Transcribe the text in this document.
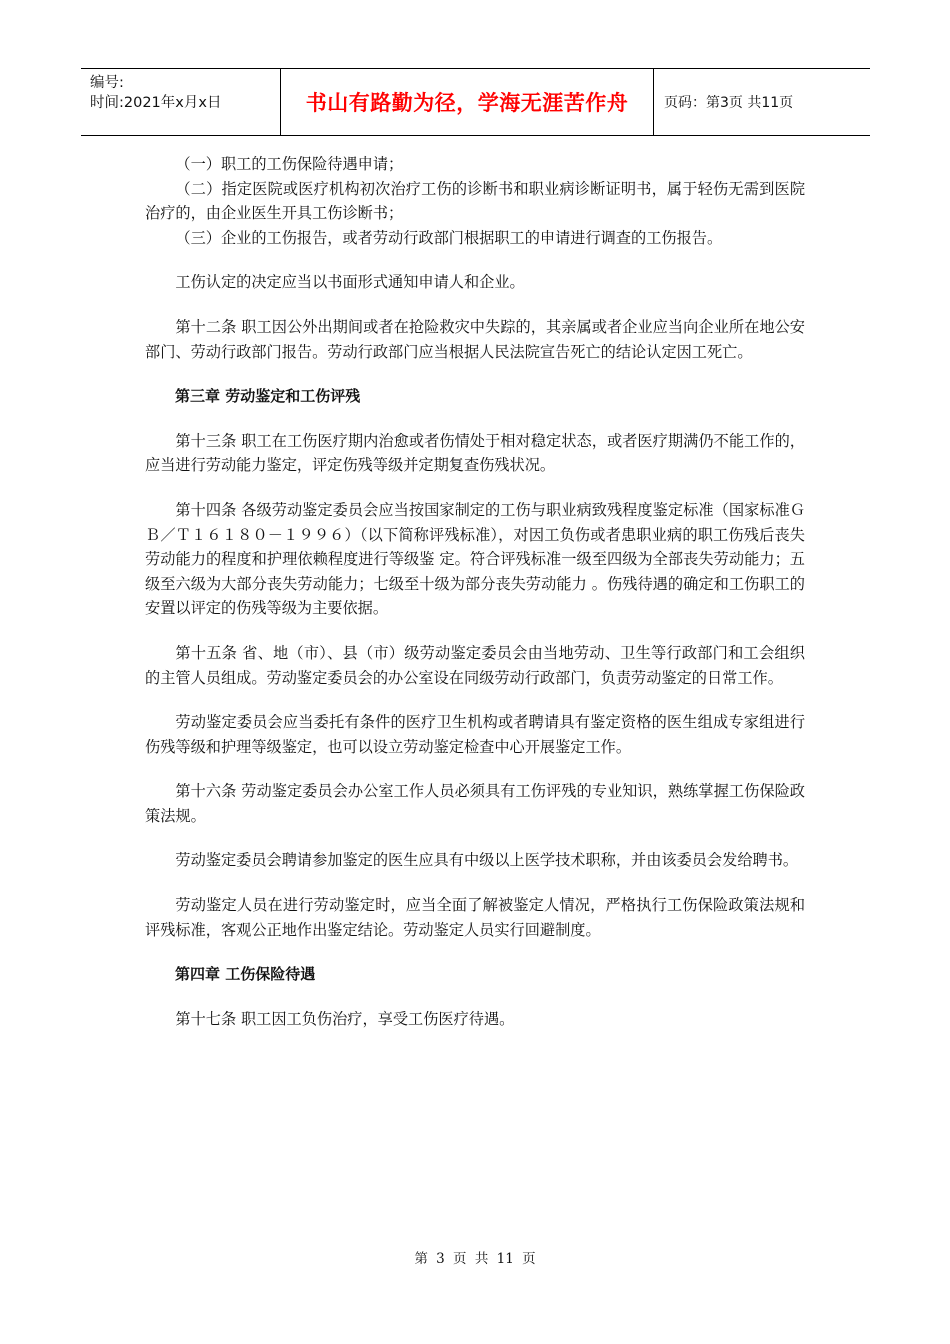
编号:
时间:2021年x月x日	书山有路勤为径，学海无涯苦作舟	页码：第3页 共11页

（一）职工的工伤保险待遇申请；

（二）指定医院或医疗机构初次治疗工伤的诊断书和职业病诊断证明书，属于轻伤无需到医院治疗的，由企业医生开具工伤诊断书；

（三）企业的工伤报告，或者劳动行政部门根据职工的申请进行调查的工伤报告。

工伤认定的决定应当以书面形式通知申请人和企业。

第十二条 职工因公外出期间或者在抢险救灾中失踪的，其亲属或者企业应当向企业所在地公安部门、劳动行政部门报告。劳动行政部门应当根据人民法院宣告死亡的结论认定因工死亡。

第三章 劳动鉴定和工伤评残

第十三条 职工在工伤医疗期内治愈或者伤情处于相对稳定状态，或者医疗期满仍不能工作的，应当进行劳动能力鉴定，评定伤残等级并定期复查伤残状况。

第十四条 各级劳动鉴定委员会应当按国家制定的工伤与职业病致残程度鉴定标准（国家标准ＧＢ／Ｔ１６１８０－１９９６）（以下简称评残标准），对因工负伤或者患职业病的职工伤残后丧失劳动能力的程度和护理依赖程度进行等级鉴 定。符合评残标准一级至四级为全部丧失劳动能力；五级至六级为大部分丧失劳动能力；七级至十级为部分丧失劳动能力 。伤残待遇的确定和工伤职工的安置以评定的伤残等级为主要依据。

第十五条 省、地（市）、县（市）级劳动鉴定委员会由当地劳动、卫生等行政部门和工会组织的主管人员组成。劳动鉴定委员会的办公室设在同级劳动行政部门，负责劳动鉴定的日常工作。

劳动鉴定委员会应当委托有条件的医疗卫生机构或者聘请具有鉴定资格的医生组成专家组进行伤残等级和护理等级鉴定，也可以设立劳动鉴定检查中心开展鉴定工作。

第十六条 劳动鉴定委员会办公室工作人员必须具有工伤评残的专业知识，熟练掌握工伤保险政策法规。

劳动鉴定委员会聘请参加鉴定的医生应具有中级以上医学技术职称，并由该委员会发给聘书。

劳动鉴定人员在进行劳动鉴定时，应当全面了解被鉴定人情况，严格执行工伤保险政策法规和评残标准，客观公正地作出鉴定结论。劳动鉴定人员实行回避制度。

第四章 工伤保险待遇

第十七条 职工因工负伤治疗，享受工伤医疗待遇。

第 3 页 共 11 页
